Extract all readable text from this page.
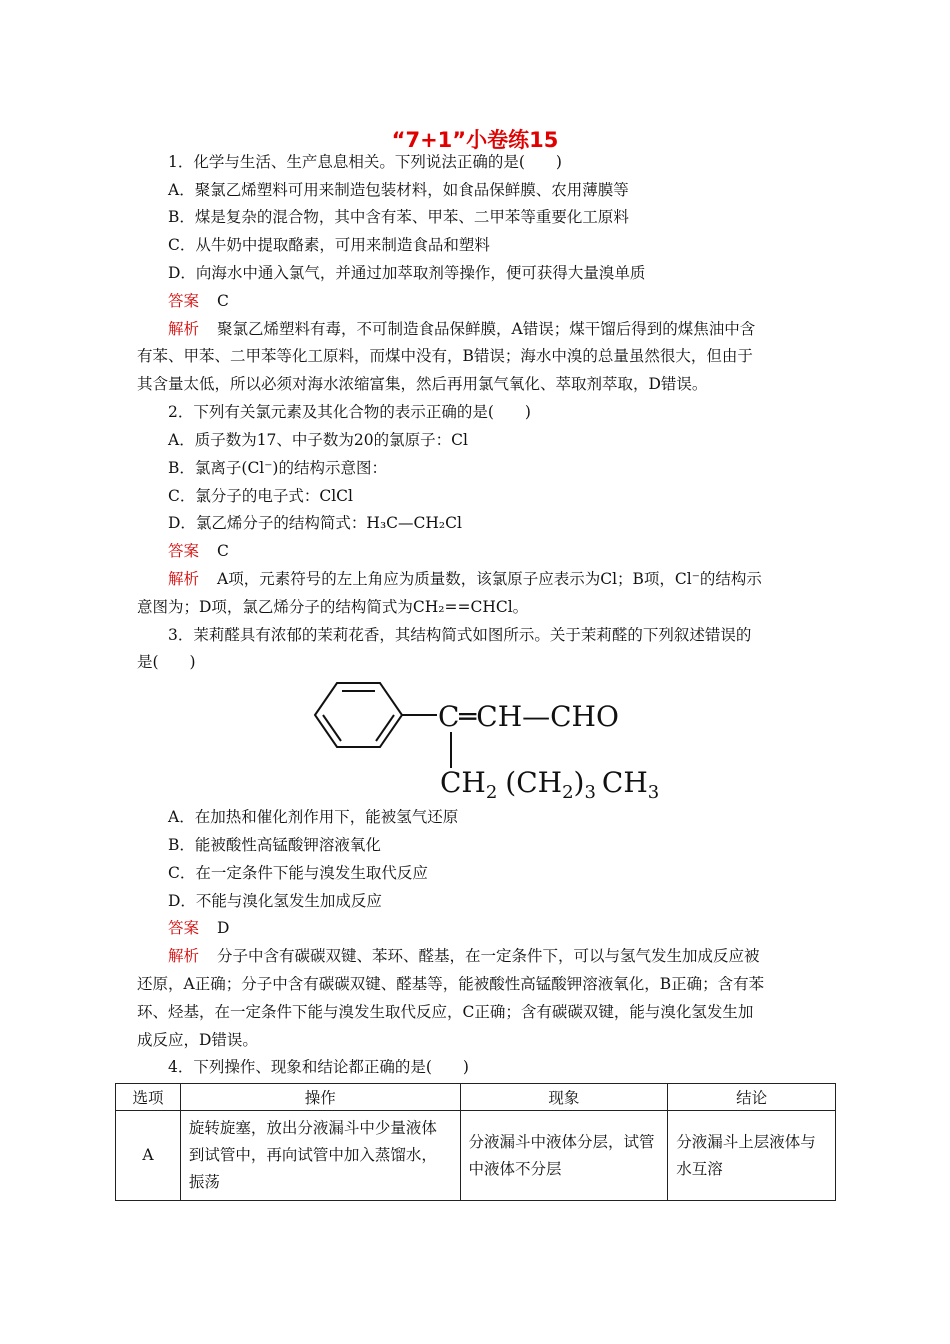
“7+1”小卷练15
1．化学与生活、生产息息相关。下列说法正确的是(　　)
A．聚氯乙烯塑料可用来制造包装材料，如食品保鲜膜、农用薄膜等
B．煤是复杂的混合物，其中含有苯、甲苯、二甲苯等重要化工原料
C．从牛奶中提取酪素，可用来制造食品和塑料
D．向海水中通入氯气，并通过加萃取剂等操作，便可获得大量溴单质
答案 C
解析 聚氯乙烯塑料有毒，不可制造食品保鲜膜，A错误；煤干馏后得到的煤焦油中含
有苯、甲苯、二甲苯等化工原料，而煤中没有，B错误；海水中溴的总量虽然很大，但由于
其含量太低，所以必须对海水浓缩富集，然后再用氯气氧化、萃取剂萃取，D错误。
2．下列有关氯元素及其化合物的表示正确的是(　　)
A．质子数为17、中子数为20的氯原子：Cl
B．氯离子(Cl⁻)的结构示意图：
C．氯分子的电子式：ClCl
D．氯乙烯分子的结构简式：H₃C—CH₂Cl
答案 C
解析 A项，元素符号的左上角应为质量数，该氯原子应表示为Cl；B项，Cl⁻的结构示
意图为；D项，氯乙烯分子的结构简式为CH₂==CHCl。
3．茉莉醛具有浓郁的茉莉花香，其结构简式如图所示。关于茉莉醛的下列叙述错误的
是(　　)
C═CH—CHO
$CH_2$ $(CH_2)_3$ $CH_3$
A．在加热和催化剂作用下，能被氢气还原
B．能被酸性高锰酸钾溶液氧化
C．在一定条件下能与溴发生取代反应
D．不能与溴化氢发生加成反应
答案 D
解析 分子中含有碳碳双键、苯环、醛基，在一定条件下，可以与氢气发生加成反应被
还原，A正确；分子中含有碳碳双键、醛基等，能被酸性高锰酸钾溶液氧化，B正确；含有苯
环、烃基，在一定条件下能与溴发生取代反应，C正确；含有碳碳双键，能与溴化氢发生加
成反应，D错误。
4．下列操作、现象和结论都正确的是(　　)
选项	操作	现象	结论
A	旋转旋塞，放出分液漏斗中少量液体到试管中，再向试管中加入蒸馏水，振荡	分液漏斗中液体分层，试管中液体不分层	分液漏斗上层液体与水互溶
